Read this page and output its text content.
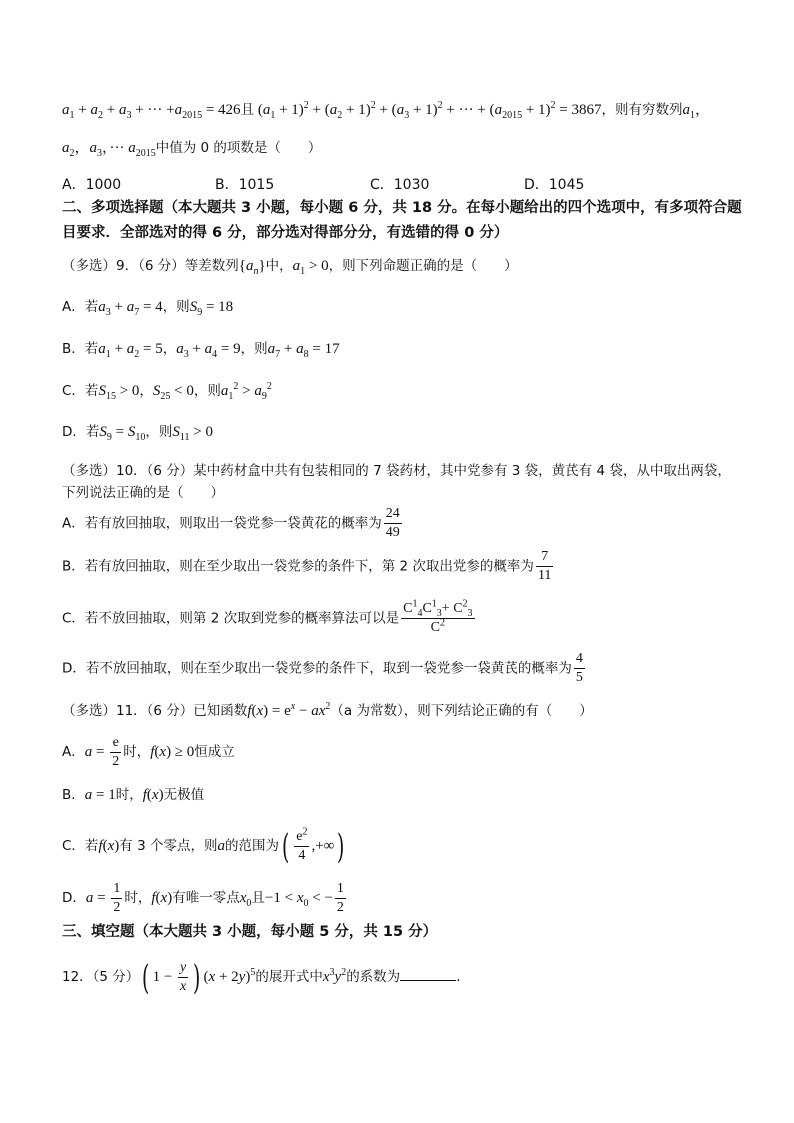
$a_1 + a_2 + a_3$ + ··· $+a_{2015} = 426$且 $(a_1 + 1)^2 + (a_2 + 1)^2 + (a_3 + 1)^2$ + ··· + $(a_{2015} + 1)^2 = 3867$，则有穷数列$a_1$，
$a_2$，$a_3$，··· $a_{2015}$中值为 0 的项数是（　　）
A．1000	B．1015	C．1030	D．1045
二、多项选择题（本大题共 3 小题，每小题 6 分，共 18 分。在每小题给出的四个选项中，有多项符合题目要求．全部选对的得 6 分，部分选对得部分分，有选错的得 0 分）
（多选）9．（6 分）等差数列$\{a_n\}$中，$a_1 > 0$，则下列命题正确的是（　　）
A．若$a_3 + a_7 = 4$，则$S_9 = 18$
B．若$a_1 + a_2 = 5$，$a_3 + a_4 = 9$，则$a_7 + a_8 = 17$
C．若$S_{15} > 0$，$S_{25} < 0$，则$a_1^2 > a_9^2$
D．若$S_9 = S_{10}$，则$S_{11} > 0$
（多选）10．（6 分）某中药材盒中共有包装相同的 7 袋药材，其中党参有 3 袋，黄芪有 4 袋，从中取出两袋，
下列说法正确的是（　　）
A．若有放回抽取，则取出一袋党参一袋黄花的概率为 $\frac{24}{49}$
B．若有放回抽取，则在至少取出一袋党参的条件下，第 2 次取出党参的概率为 $\frac{7}{11}$
C．若不放回抽取，则第 2 次取到党参的概率算法可以是 $\frac{C^1_4C^1_3+ C^2_3}{C^2}$
D．若不放回抽取，则在至少取出一袋党参的条件下，取到一袋党参一袋黄芪的概率为 $\frac{4}{5}$
（多选）11．（6 分）已知函数$f(x) = e^x - ax^2(a$ 为常数），则下列结论正确的有（　　）
A．$a = \frac{e}{2}$ 时，f(x) ≥ 0恒成立
B．a = 1时，f(x)无极值
C．若f(x)有 3 个零点，则a的范围为( $\frac{e^2}{4}$ ,+∞)
D．$a = \frac{1}{2}$ 时，f(x)有唯一零点$x_0$且$-1 < x_0$ < − $\frac{1}{2}$
三、填空题（本大题共 3 小题，每小题 5 分，共 15 分）
12．（5 分）( $1 - \frac{y}{x}$ ) $(x + 2y)^5$的展开式中$x^3y^2$的系数为	．
